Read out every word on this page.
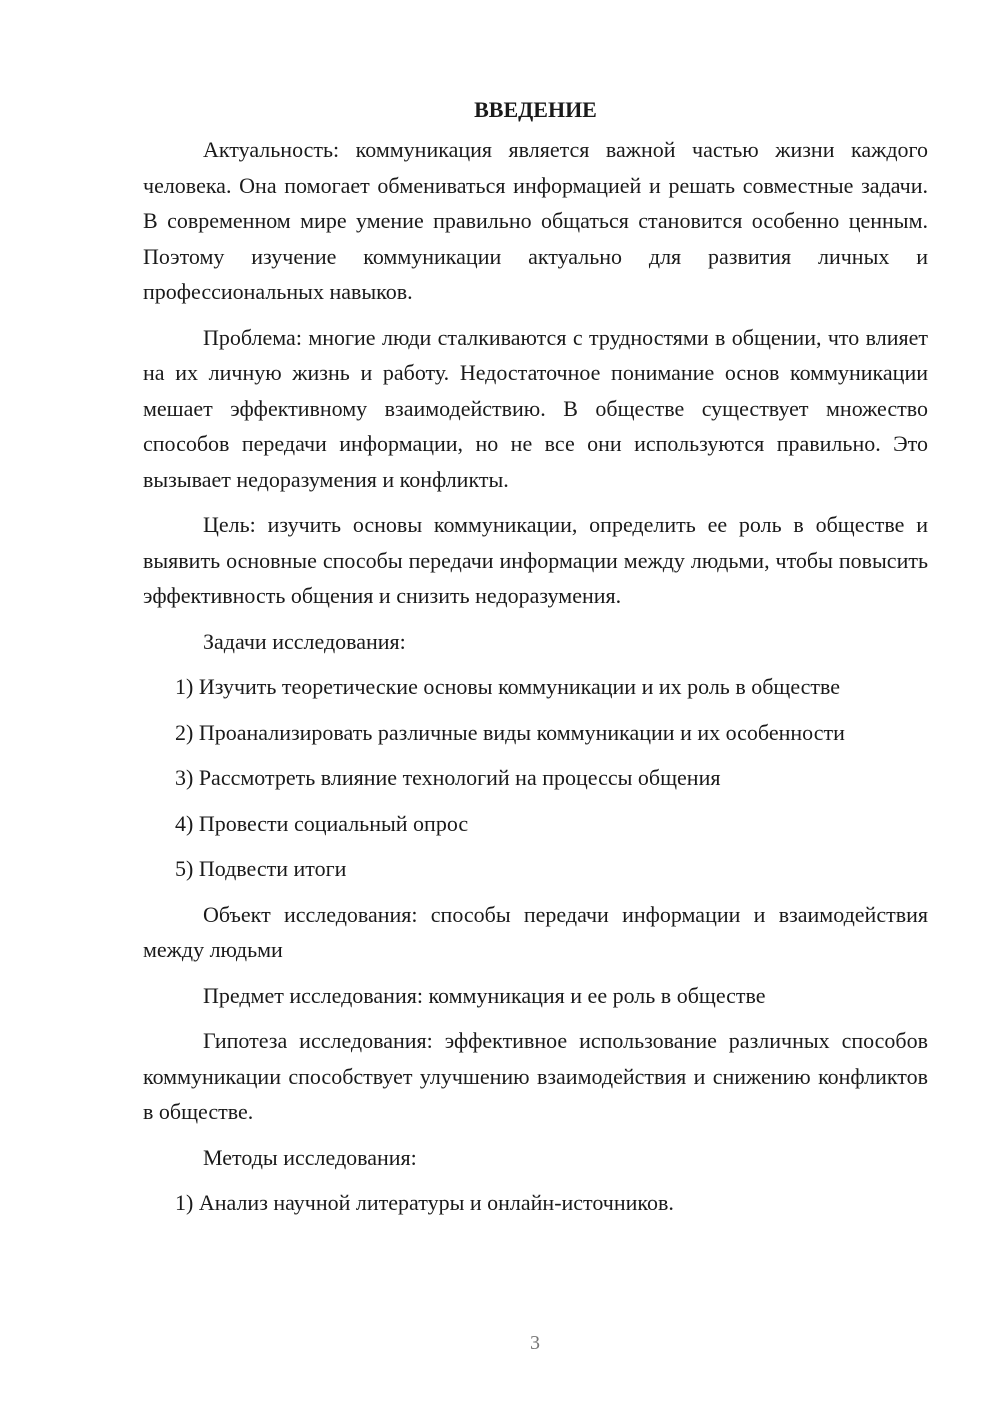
ВВЕДЕНИЕ

Актуальность: коммуникация является важной частью жизни каждого человека. Она помогает обмениваться информацией и решать совместные задачи. В современном мире умение правильно общаться становится особенно ценным. Поэтому изучение коммуникации актуально для развития личных и профессиональных навыков.

Проблема: многие люди сталкиваются с трудностями в общении, что влияет на их личную жизнь и работу. Недостаточное понимание основ коммуникации мешает эффективному взаимодействию. В обществе существует множество способов передачи информации, но не все они используются правильно. Это вызывает недоразумения и конфликты.

Цель: изучить основы коммуникации, определить ее роль в обществе и выявить основные способы передачи информации между людьми, чтобы повысить эффективность общения и снизить недоразумения.

Задачи исследования:

1) Изучить теоретические основы коммуникации и их роль в обществе

2) Проанализировать различные виды коммуникации и их особенности

3) Рассмотреть влияние технологий на процессы общения

4) Провести социальный опрос

5) Подвести итоги

Объект исследования: способы передачи информации и взаимодействия между людьми

Предмет исследования: коммуникация и ее роль в обществе

Гипотеза исследования: эффективное использование различных способов коммуникации способствует улучшению взаимодействия и снижению конфликтов в обществе.

Методы исследования:

1) Анализ научной литературы и онлайн-источников.

3
